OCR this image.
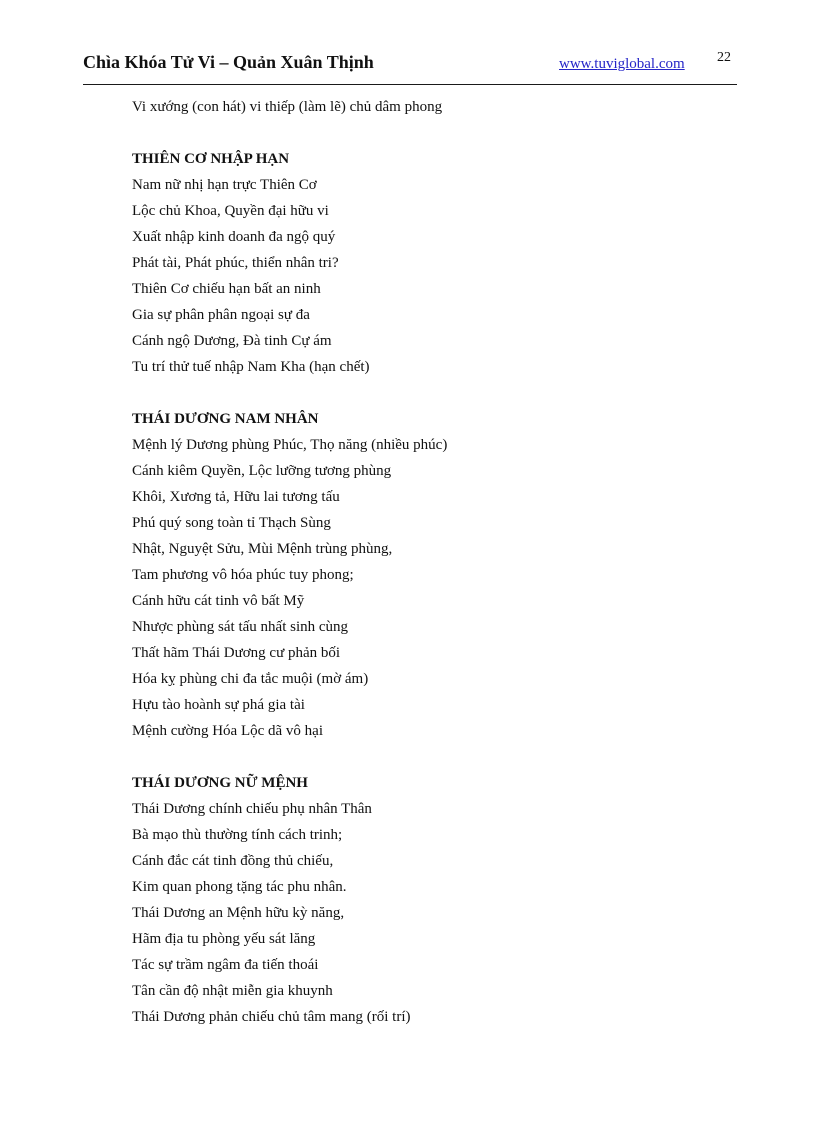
Chìa Khóa Tử Vi – Quản Xuân Thịnh	www.tuviglobal.com 22
Vi xướng (con hát) vi thiếp (làm lẽ) chủ dâm phong
THIÊN CƠ NHẬP HẠN
Nam nữ nhị hạn trực Thiên Cơ
Lộc chủ Khoa, Quyền đại hữu vi
Xuất nhập kinh doanh đa ngộ quý
Phát tài, Phát phúc, thiển nhân tri?
Thiên Cơ chiếu hạn bất an ninh
Gia sự phân phân ngoại sự đa
Cánh ngộ Dương, Đà tinh Cự ám
Tu trí thử tuế nhập Nam Kha (hạn chết)
THÁI DƯƠNG NAM NHÂN
Mệnh lý Dương phùng Phúc, Thọ năng (nhiều phúc)
Cánh kiêm Quyền, Lộc lưỡng tương phùng
Khôi, Xương tả, Hữu lai tương tấu
Phú quý song toàn tỉ Thạch Sùng
Nhật, Nguyệt Sửu, Mùi Mệnh trùng phùng,
Tam phương vô hóa phúc tuy phong;
Cánh hữu cát tinh vô bất Mỹ
Nhược phùng sát tấu nhất sinh cùng
Thất hãm Thái Dương cư phản bối
Hóa kỵ phùng chi đa tắc muội (mờ ám)
Hựu tào hoành sự phá gia tài
Mệnh cường Hóa Lộc dã vô hại
THÁI DƯƠNG NỮ MỆNH
Thái Dương chính chiếu phụ nhân Thân
Bà mạo thù thường tính cách trinh;
Cánh đắc cát tinh đồng thủ chiếu,
Kim quan phong tặng tác phu nhân.
Thái Dương an Mệnh hữu kỳ năng,
Hãm địa tu phòng yếu sát lăng
Tác sự trầm ngâm đa tiến thoái
Tân cần độ nhật miễn gia khuynh
Thái Dương phản chiếu chủ tâm mang (rối trí)
